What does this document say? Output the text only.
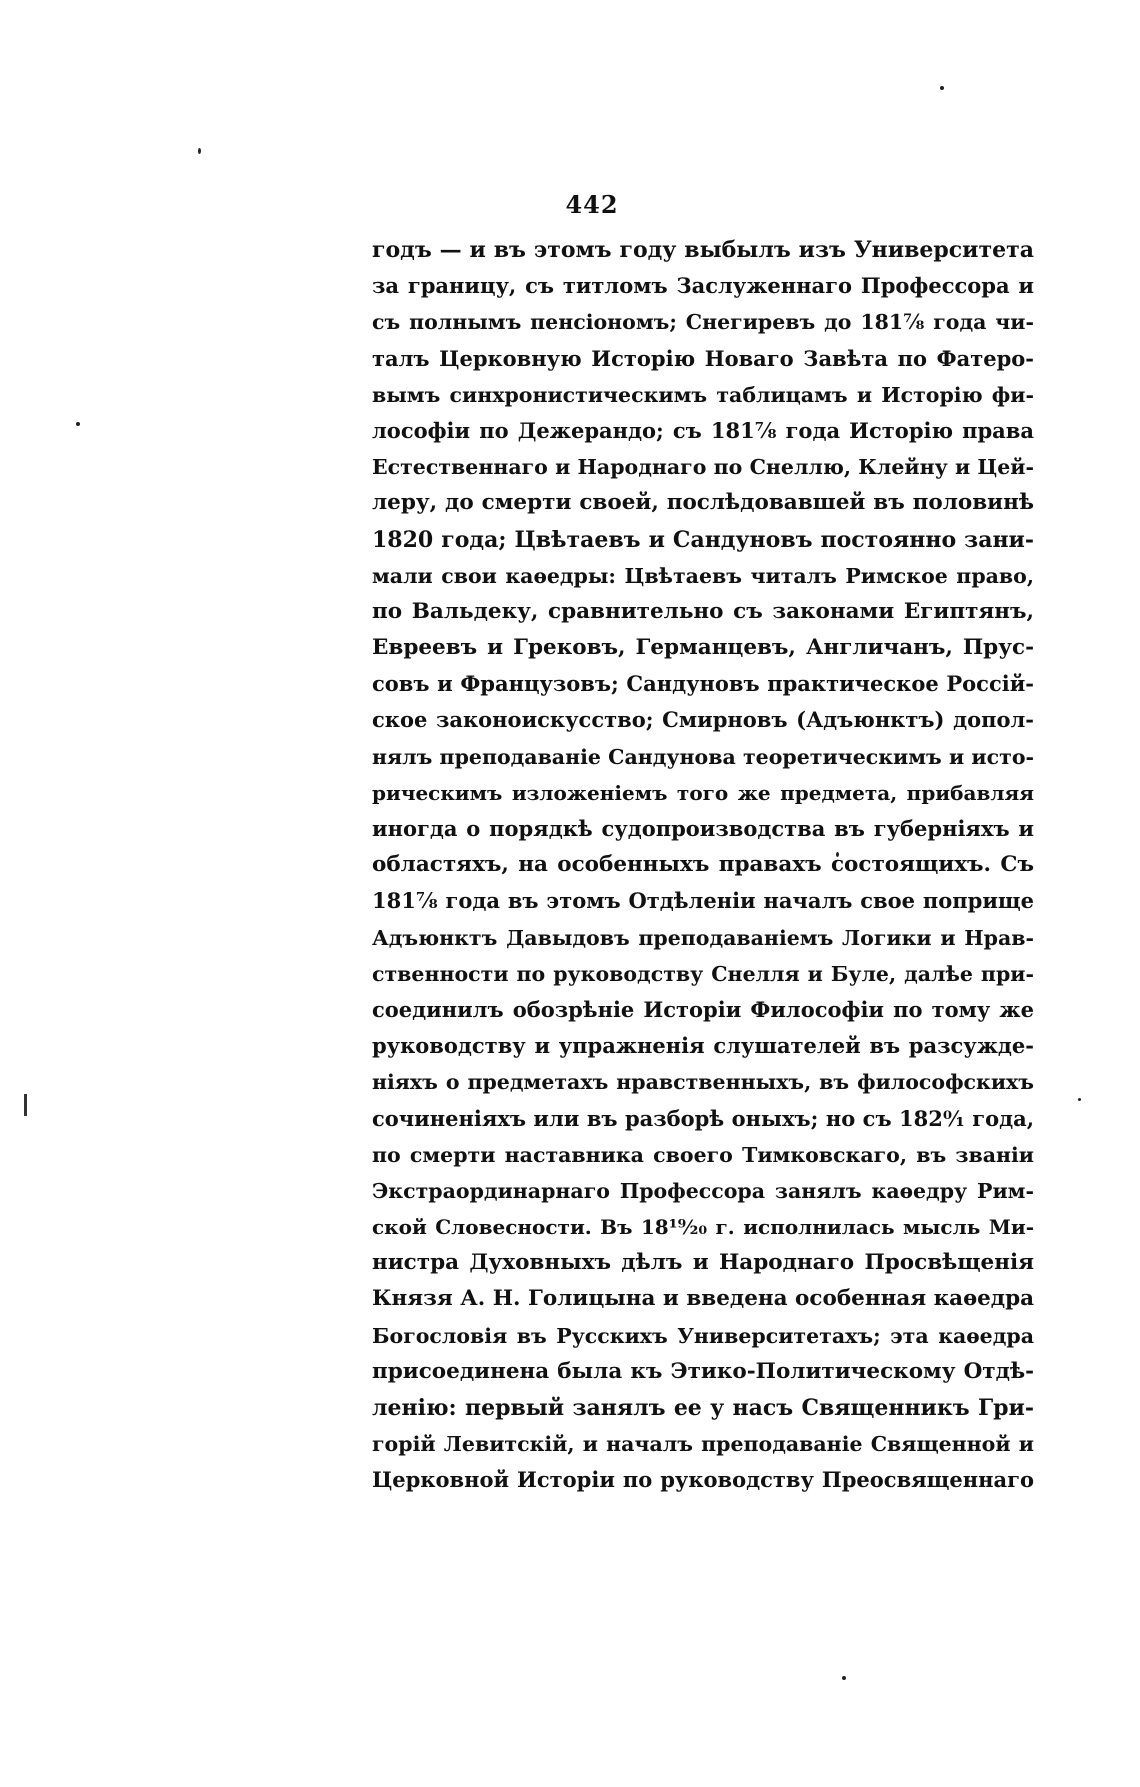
442
годъ — и въ этомъ году выбылъ изъ Университета
за границу, съ титломъ Заслуженнаго Профессора и
съ полнымъ пенсіономъ; Снегиревъ до 181⅞ года чи-
талъ Церковную Исторію Новаго Завѣта по Фатеро-
вымъ синхронистическимъ таблицамъ и Исторію фи-
лософіи по Дежерандо; съ 181⅞ года Исторію права
Естественнаго и Народнаго по Снеллю, Клейну и Цей-
леру, до смерти своей, послѣдовавшей въ половинѣ
1820 года; Цвѣтаевъ и Сандуновъ постоянно зани-
мали свои каѳедры: Цвѣтаевъ читалъ Римское право,
по Вальдеку, сравнительно съ законами Египтянъ,
Евреевъ и Грековъ, Германцевъ, Англичанъ, Прус-
совъ и Французовъ; Сандуновъ практическое Россій-
ское законоискусство; Смирновъ (Адъюнктъ) допол-
нялъ преподаваніе Сандунова теоретическимъ и исто-
рическимъ изложеніемъ того же предмета, прибавляя
иногда о порядкѣ судопроизводства въ губерніяхъ и
областяхъ, на особенныхъ правахъ состоящихъ. Съ
181⅞ года въ этомъ Отдѣленіи началъ свое поприще
Адъюнктъ Давыдовъ преподаваніемъ Логики и Нрав-
ственности по руководству Снелля и Буле, далѣе при-
соединилъ обозрѣніе Исторіи Философіи по тому же
руководству и упражненія слушателей въ разсужде-
ніяхъ о предметахъ нравственныхъ, въ философскихъ
сочиненіяхъ или въ разборѣ оныхъ; но съ 182⁰⁄₁ года,
по смерти наставника своего Тимковскаго, въ званіи
Экстраординарнаго Профессора занялъ каѳедру Рим-
ской Словесности. Въ 18¹⁹⁄₂₀ г. исполнилась мысль Ми-
нистра Духовныхъ дѣлъ и Народнаго Просвѣщенія
Князя А. Н. Голицына и введена особенная каѳедра
Богословія въ Русскихъ Университетахъ; эта каѳедра
присоединена была къ Этико-Политическому Отдѣ-
ленію: первый занялъ ее у насъ Священникъ Гри-
горій Левитскій, и началъ преподаваніе Священной и
Церковной Исторіи по руководству Преосвященнаго
